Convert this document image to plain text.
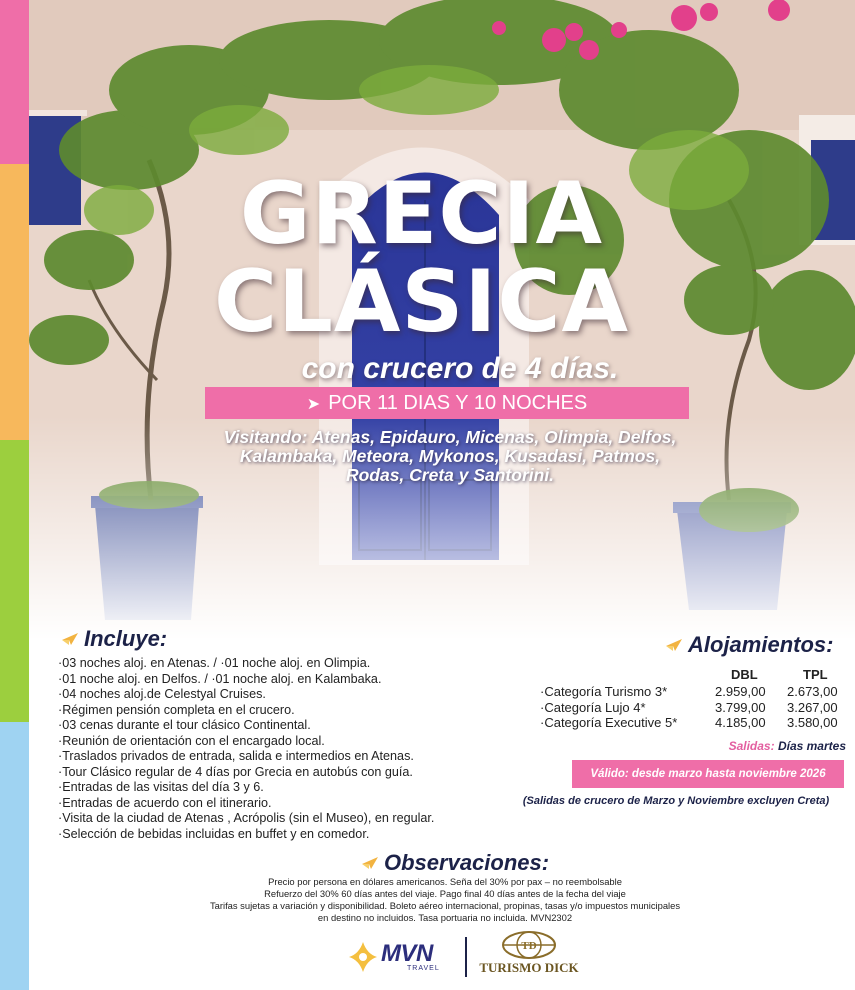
GRECIA
CLÁSICA
con crucero de 4 días.
➤ POR 11 DIAS Y 10 NOCHES
Visitando: Atenas, Epidauro, Micenas, Olimpia, Delfos,
Kalambaka, Meteora, Mykonos, Kusadasi, Patmos,
Rodas, Creta y Santorini.
Incluye:
·03 noches aloj. en Atenas. / ·01 noche aloj. en Olimpia.
·01 noche aloj. en Delfos. / ·01 noche aloj. en Kalambaka.
·04 noches aloj.de Celestyal Cruises.
·Régimen pensión completa en el crucero.
·03 cenas durante el tour clásico Continental.
·Reunión de orientación con el encargado local.
·Traslados privados de entrada, salida e intermedios en Atenas.
·Tour Clásico regular de 4 días por Grecia en autobús con guía.
·Entradas de las visitas del día 3 y 6.
·Entradas de acuerdo con el itinerario.
·Visita de la ciudad de Atenas , Acrópolis (sin el Museo), en regular.
·Selección de bebidas incluidas en buffet y en comedor.
Alojamientos:
DBL	TPL
·Categoría Turismo 3*	2.959,00 2.673,00
·Categoría Lujo 4*	3.799,00 3.267,00
·Categoría Executive 5*	4.185,00 3.580,00
Salidas: Días martes
Válido: desde marzo hasta noviembre 2026
(Salidas de crucero de Marzo y Noviembre excluyen Creta)
Observaciones:
Precio por persona en dólares americanos. Seña del 30% por pax – no reembolsable
Refuerzo del 30% 60 días antes del viaje. Pago final 40 días antes de la fecha del viaje
Tarifas sujetas a variación y disponibilidad. Boleto aéreo internacional, propinas, tasas y/o impuestos municipales
en destino no incluidos. Tasa portuaria no incluida. MVN2302
MVN
TRAVEL
TD
TURISMO DICK
